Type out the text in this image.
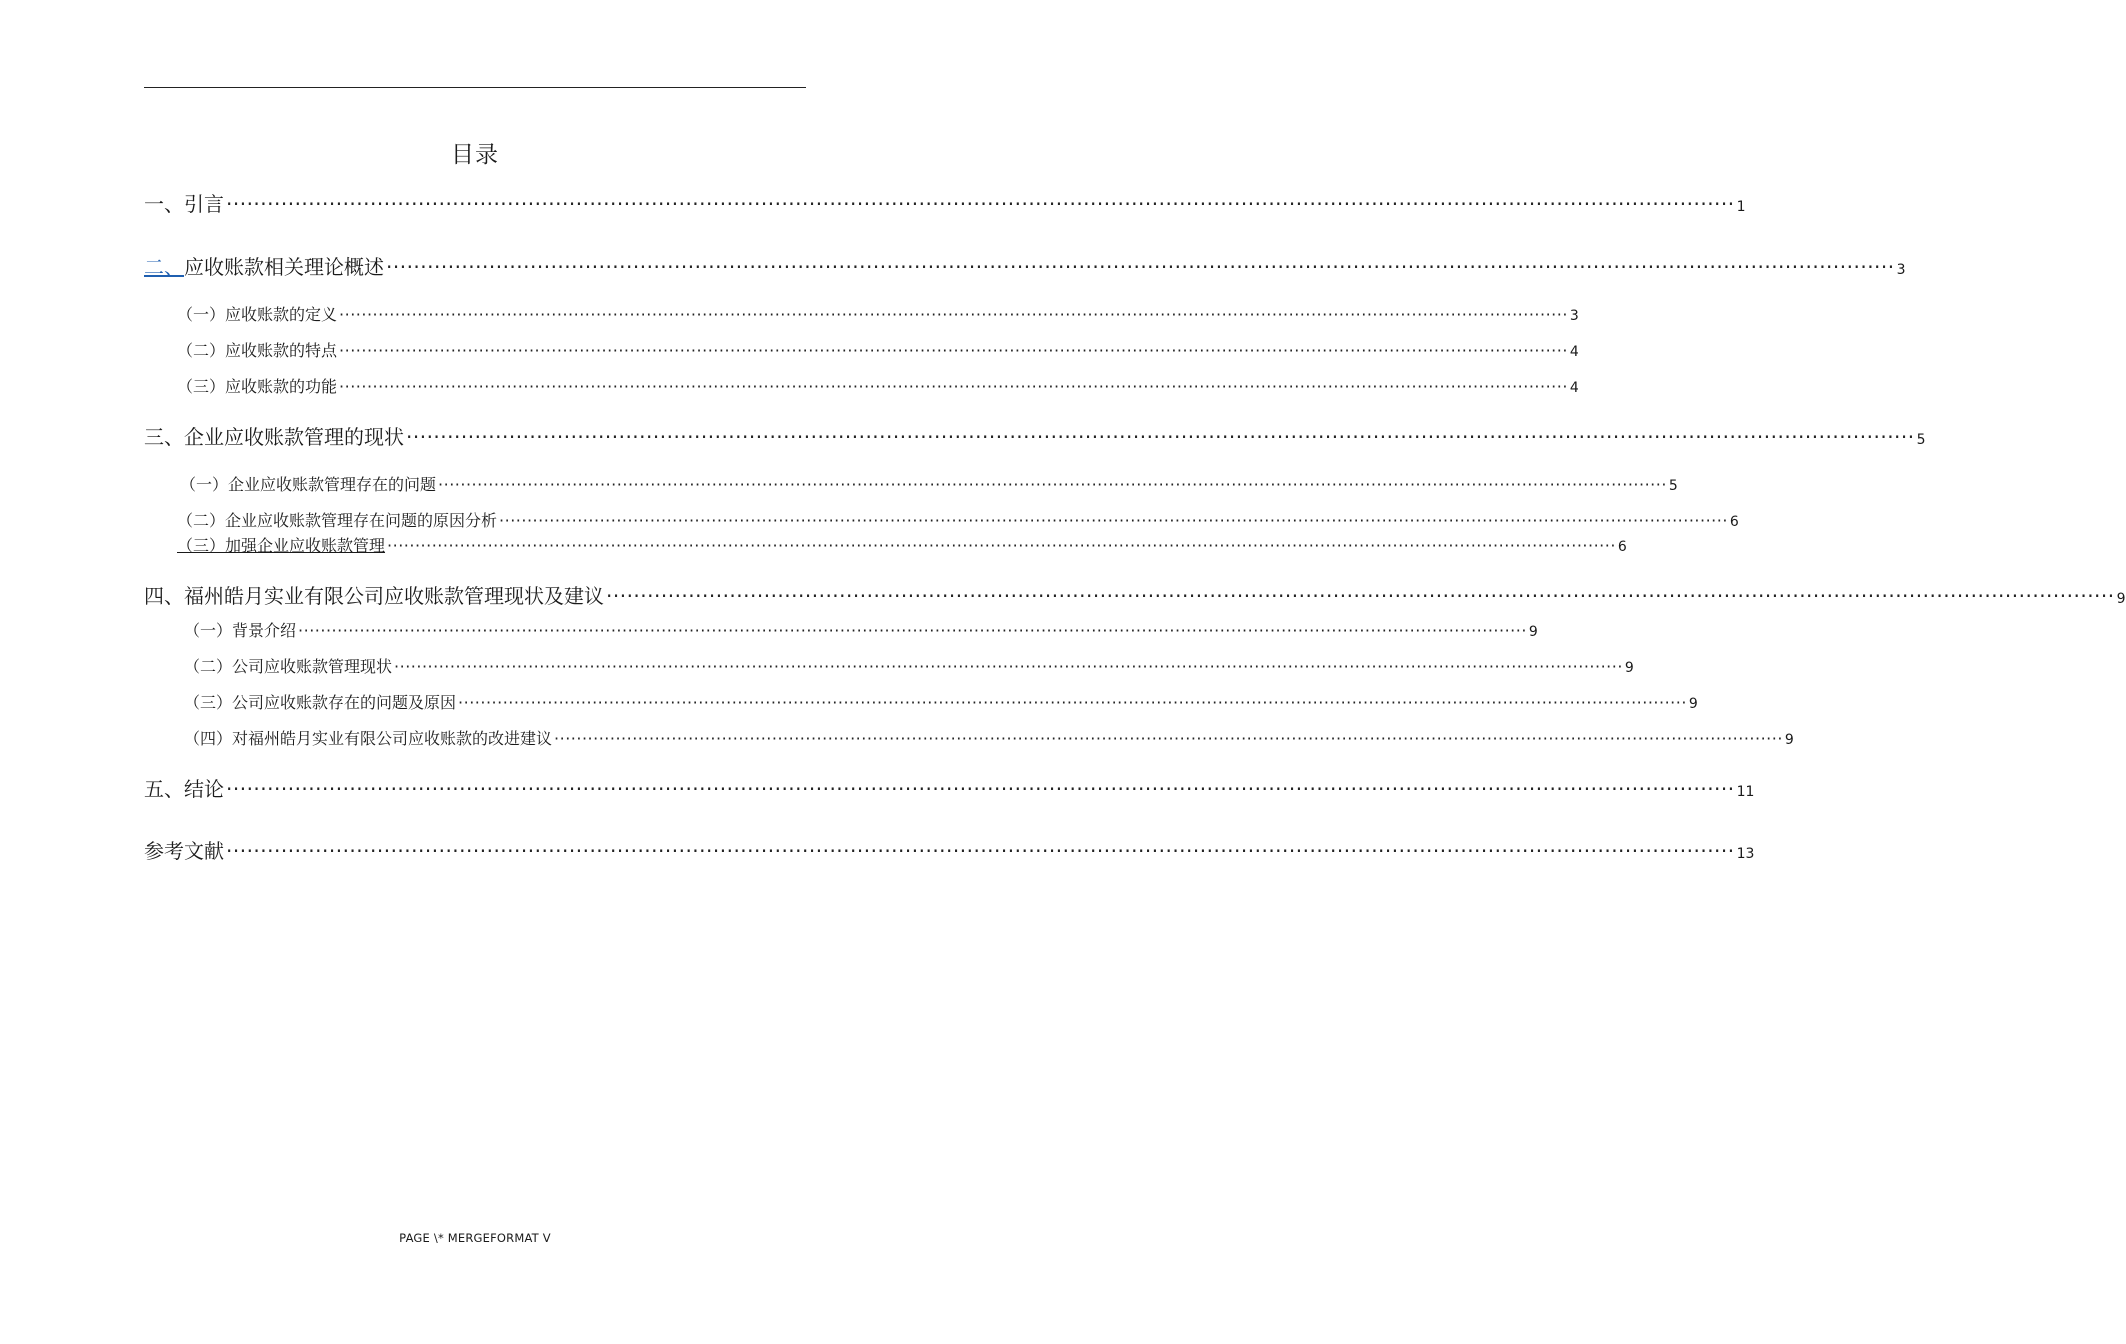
目录
一、引言 ···························································································································································································································· 1
二、应收账款相关理论概述 ···························································································································································································································· 3
（一）应收账款的定义 ···························································································································································································································· 3
（二）应收账款的特点 ···························································································································································································································· 4
（三）应收账款的功能 ···························································································································································································································· 4
三、企业应收账款管理的现状 ···························································································································································································································· 5
（一）企业应收账款管理存在的问题 ···························································································································································································································· 5
（二）企业应收账款管理存在问题的原因分析 ···························································································································································································································· 6
（三）加强企业应收账款管理 ···························································································································································································································· 6
四、福州皓月实业有限公司应收账款管理现状及建议 ···························································································································································································································· 9
（一）背景介绍 ···························································································································································································································· 9
（二）公司应收账款管理现状 ···························································································································································································································· 9
（三）公司应收账款存在的问题及原因 ···························································································································································································································· 9
（四）对福州皓月实业有限公司应收账款的改进建议 ···························································································································································································································· 9
五、结论 ···························································································································································································································· 11
参考文献 ···························································································································································································································· 13
PAGE \* MERGEFORMAT V
